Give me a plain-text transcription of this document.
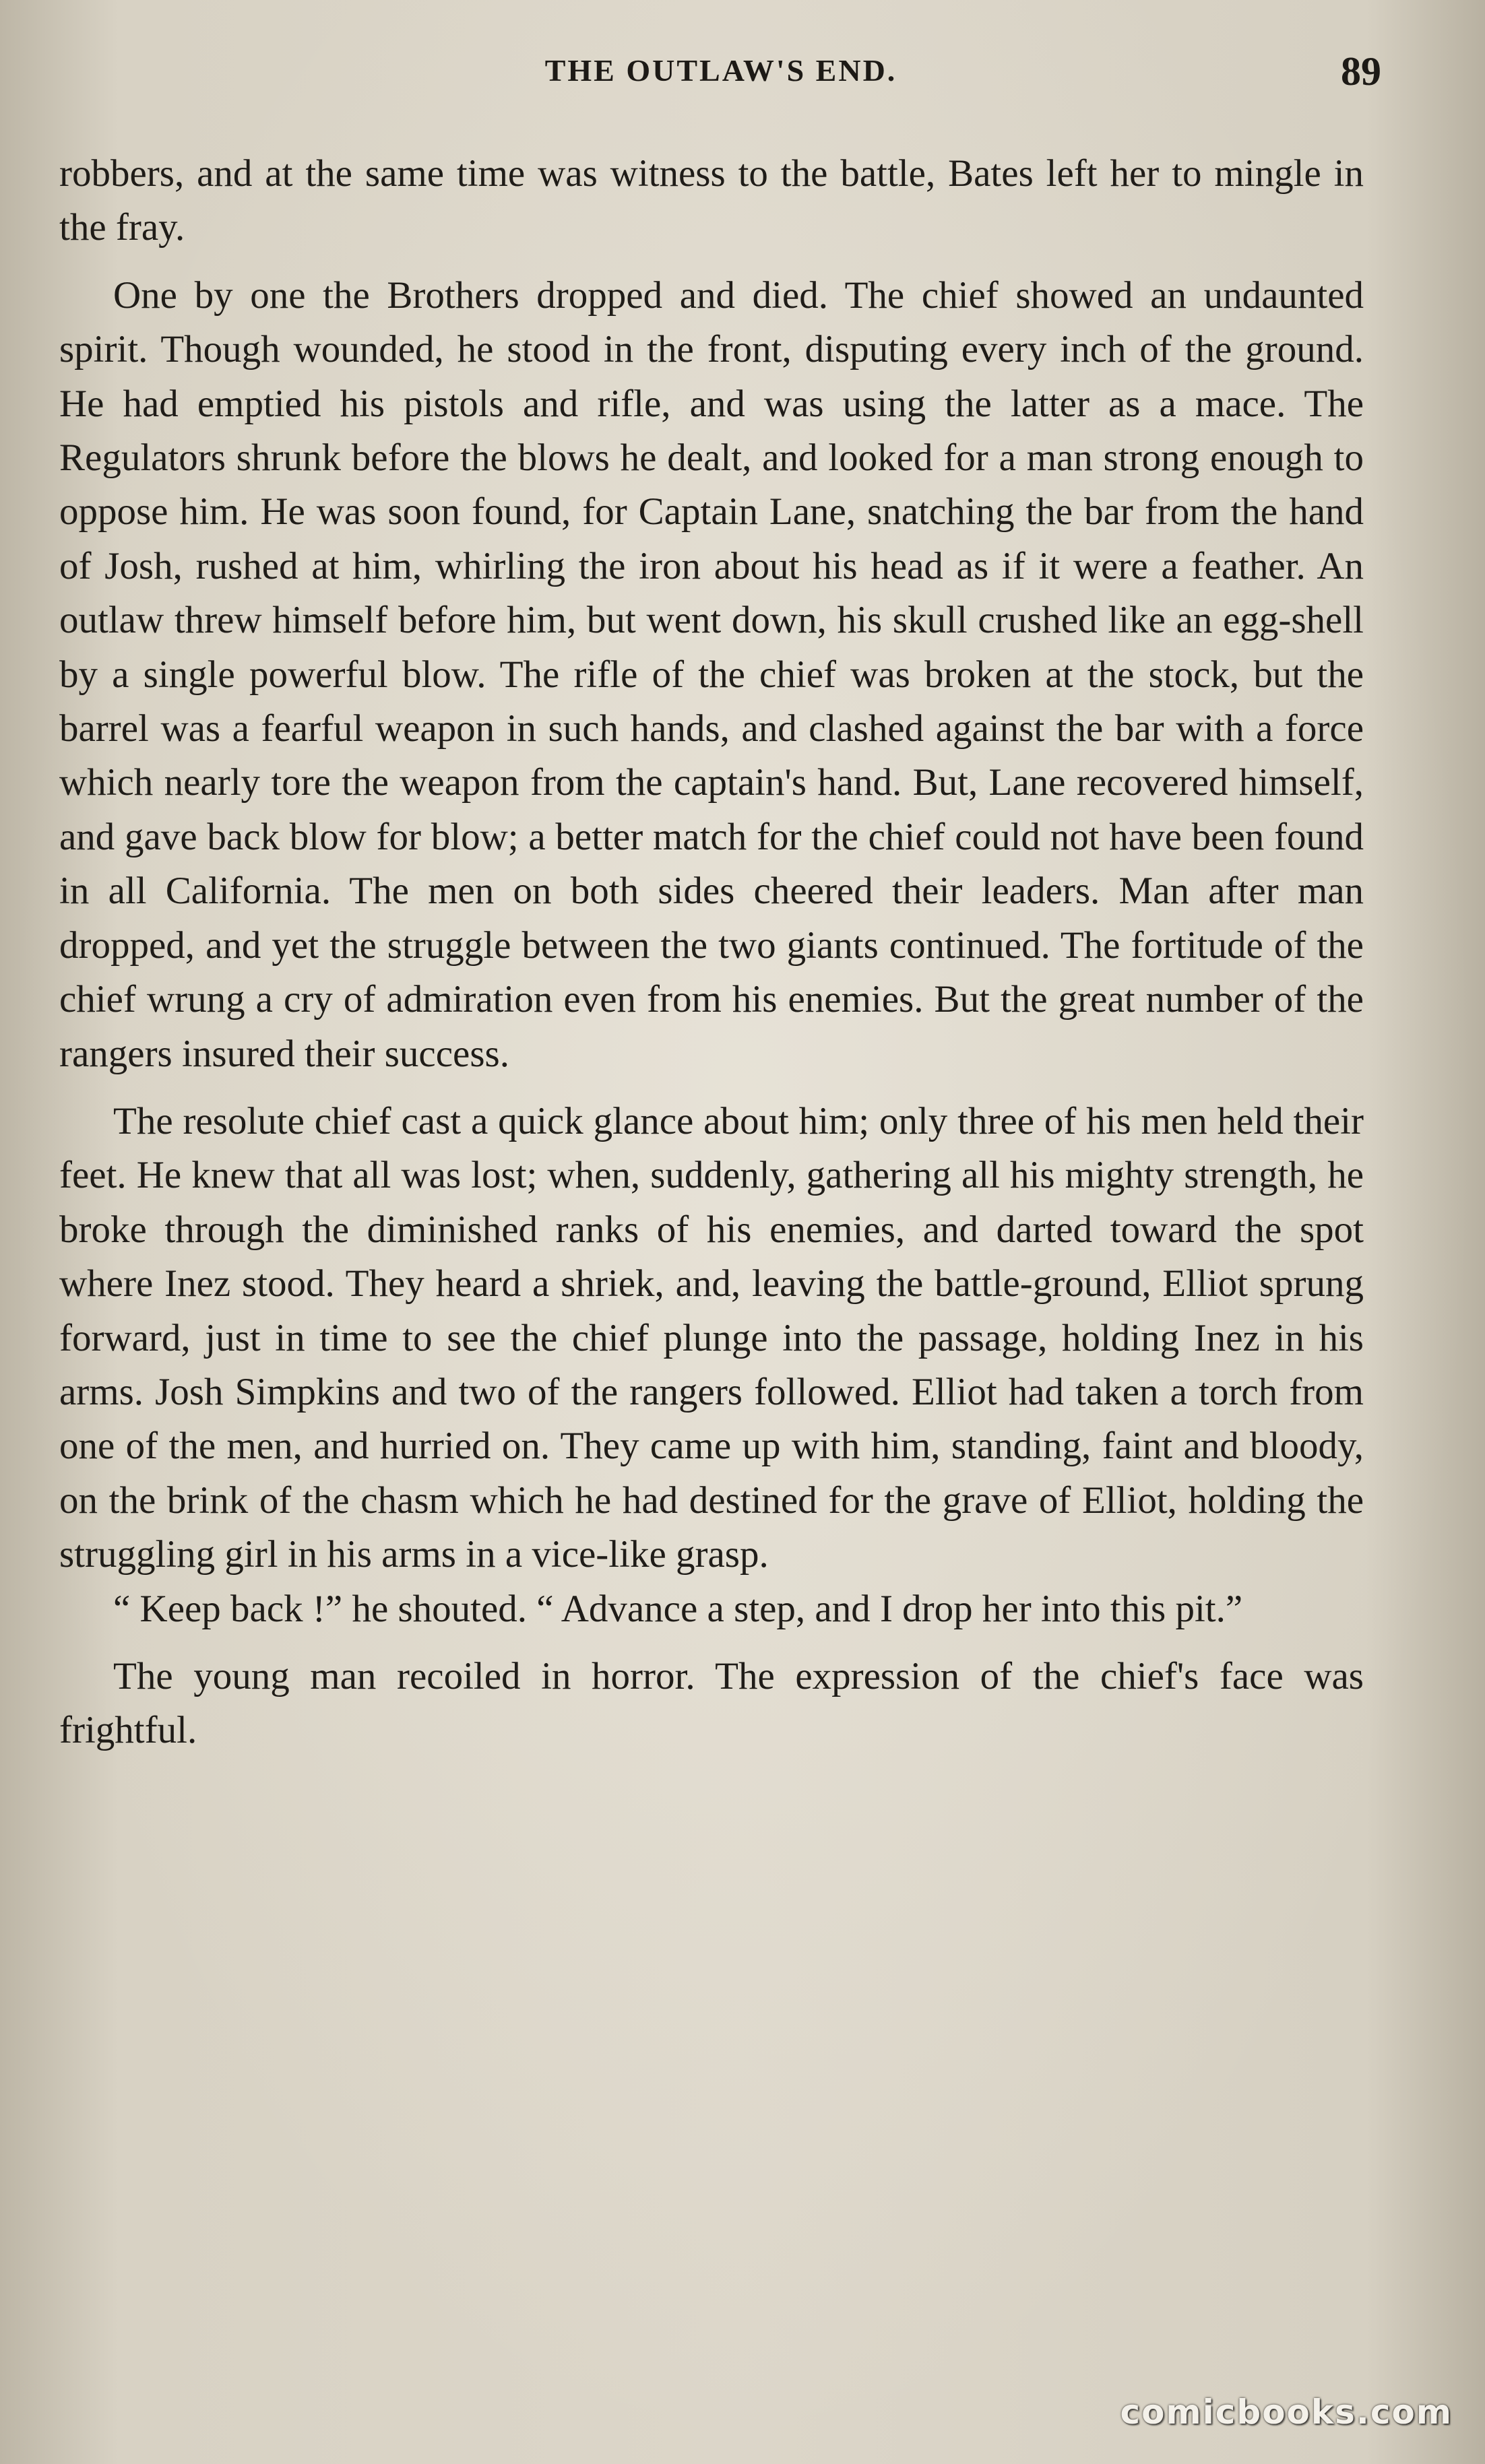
THE OUTLAW'S END.	89

robbers, and at the same time was witness to the battle, Bates left her to mingle in the fray.

One by one the Brothers dropped and died. The chief showed an undaunted spirit. Though wounded, he stood in the front, disputing every inch of the ground. He had emptied his pistols and rifle, and was using the latter as a mace. The Regulators shrunk before the blows he dealt, and looked for a man strong enough to oppose him. He was soon found, for Captain Lane, snatching the bar from the hand of Josh, rushed at him, whirling the iron about his head as if it were a feather. An outlaw threw himself before him, but went down, his skull crushed like an egg-shell by a single powerful blow. The rifle of the chief was broken at the stock, but the barrel was a fearful weapon in such hands, and clashed against the bar with a force which nearly tore the weapon from the captain's hand. But, Lane recovered himself, and gave back blow for blow; a better match for the chief could not have been found in all California. The men on both sides cheered their leaders. Man after man dropped, and yet the struggle between the two giants continued. The fortitude of the chief wrung a cry of admiration even from his enemies. But the great number of the rangers insured their success.

The resolute chief cast a quick glance about him; only three of his men held their feet. He knew that all was lost; when, suddenly, gathering all his mighty strength, he broke through the diminished ranks of his enemies, and darted toward the spot where Inez stood. They heard a shriek, and, leaving the battle-ground, Elliot sprung forward, just in time to see the chief plunge into the passage, holding Inez in his arms. Josh Simpkins and two of the rangers followed. Elliot had taken a torch from one of the men, and hurried on. They came up with him, standing, faint and bloody, on the brink of the chasm which he had destined for the grave of Elliot, holding the struggling girl in his arms in a vice-like grasp.

“ Keep back !” he shouted. “ Advance a step, and I drop her into this pit.”

The young man recoiled in horror. The expression of the chief's face was frightful.

comicbooks.com
